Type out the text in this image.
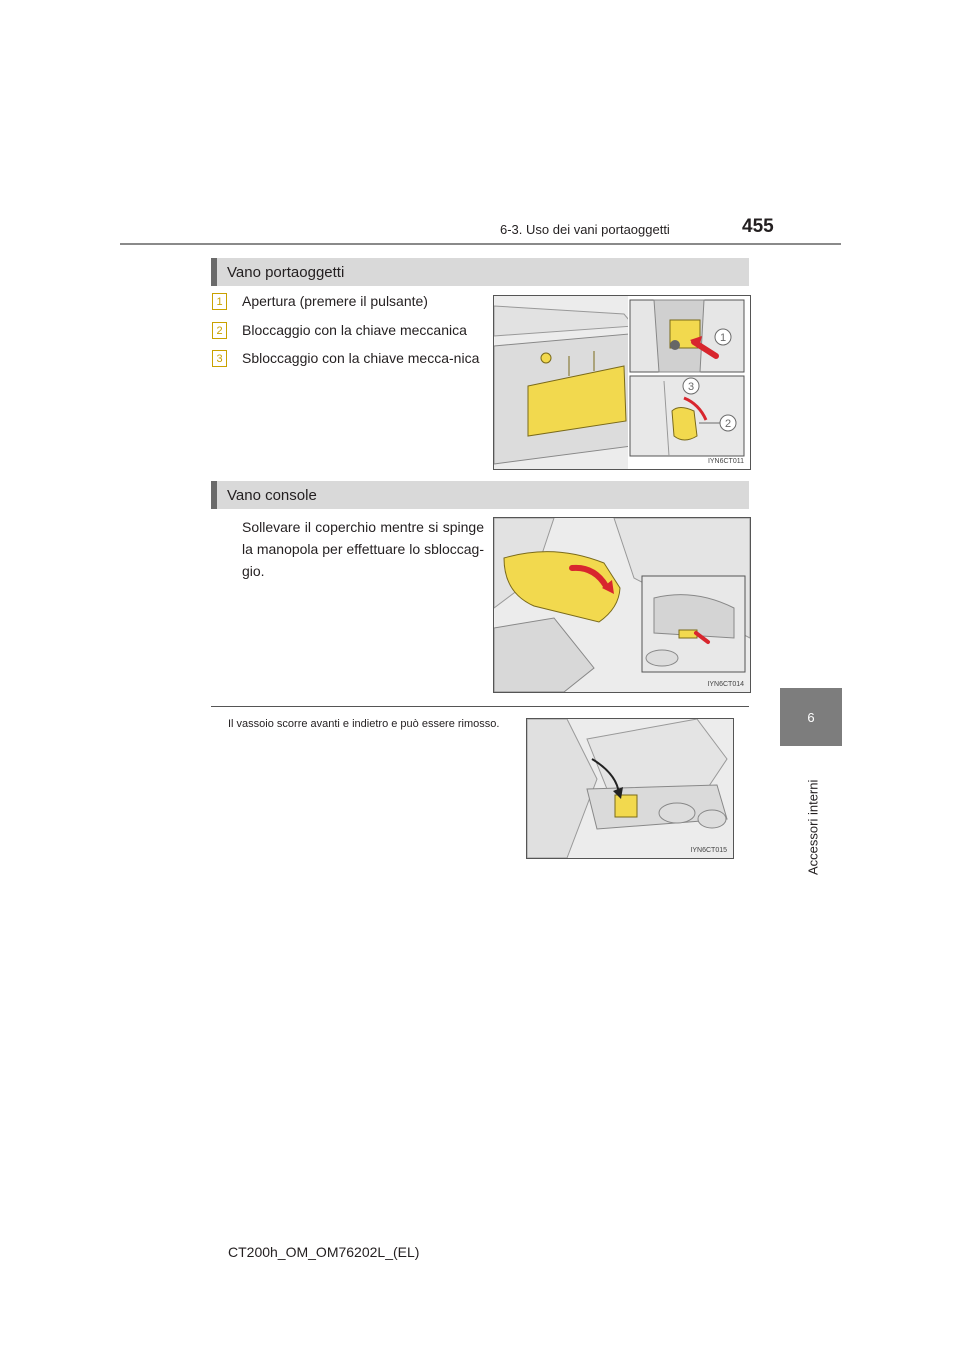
6-3. Uso dei vani portaoggetti	455
6
Accessori interni
Vano portaoggetti
1	Apertura (premere il pulsante)
2	Bloccaggio con la chiave meccanica
3	Sbloccaggio con la chiave mecca-nica
1
3
2
IYN6CT011
Vano console
Sollevare il coperchio mentre si spinge la manopola per effettuare lo sbloccag-gio.
IYN6CT014
Il vassoio scorre avanti e indietro e può essere rimosso.
IYN6CT015
CT200h_OM_OM76202L_(EL)
